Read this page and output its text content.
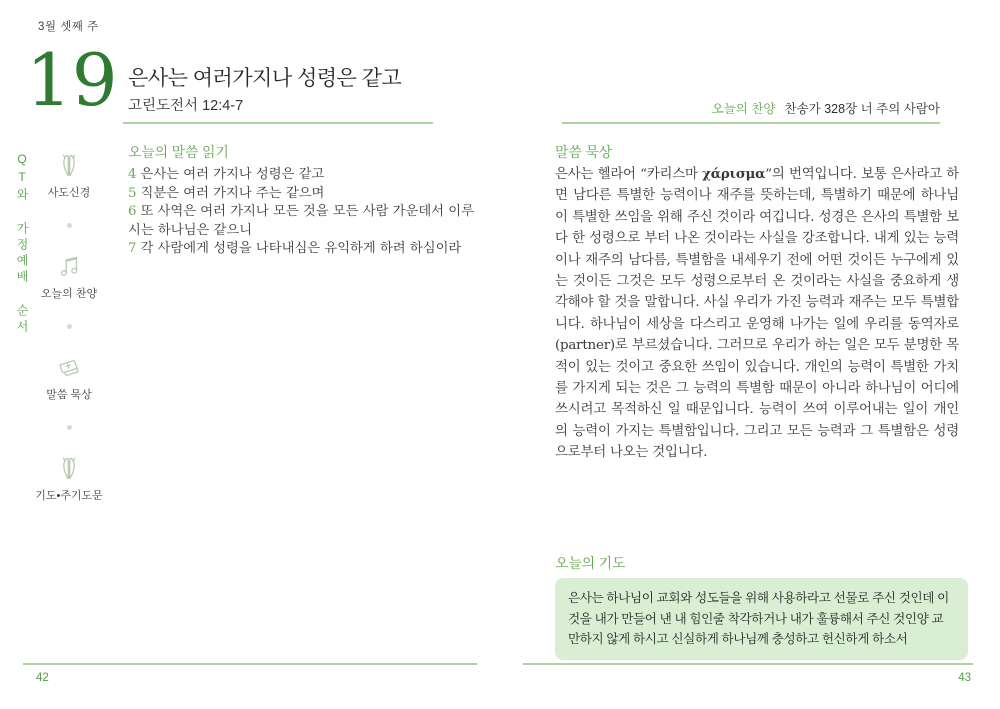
3월 셋째 주
19 은사는 여러가지나 성령은 같고
고린도전서 12:4-7	오늘의 찬양 찬송가 328장 너 주의 사람아
QT와 가정예배 순서 사도신경
오늘의 찬양
말씀 묵상
기도•주기도문
오늘의 말씀 읽기
4 은사는 여러 가지나 성령은 같고
5 직분은 여러 가지나 주는 같으며
6 또 사역은 여러 가지나 모든 것을 모든 사람 가운데서 이루시는 하나님은 같으니
7 각 사람에게 성령을 나타내심은 유익하게 하려 하심이라
말씀 묵상
은사는 헬라어 “카리스마 χάρισμα”의 번역입니다. 보통 은사라고 하면 남다른 특별한 능력이나 재주를 뜻하는데, 특별하기 때문에 하나님이 특별한 쓰임을 위해 주신 것이라 여깁니다. 성경은 은사의 특별함 보다 한 성령으로 부터 나온 것이라는 사실을 강조합니다. 내게 있는 능력이나 재주의 남다름, 특별함을 내세우기 전에 어떤 것이든 누구에게 있는 것이든 그것은 모두 성령으로부터 온 것이라는 사실을 중요하게 생각해야 할 것을 말합니다. 사실 우리가 가진 능력과 재주는 모두 특별합니다. 하나님이 세상을 다스리고 운영해 나가는 일에 우리를 동역자로(partner)로 부르셨습니다. 그러므로 우리가 하는 일은 모두 분명한 목적이 있는 것이고 중요한 쓰임이 있습니다. 개인의 능력이 특별한 가치를 가지게 되는 것은 그 능력의 특별함 때문이 아니라 하나님이 어디에 쓰시려고 목적하신 일 때문입니다. 능력이 쓰여 이루어내는 일이 개인의 능력이 가지는 특별함입니다. 그리고 모든 능력과 그 특별함은 성령으로부터 나오는 것입니다.
오늘의 기도
은사는 하나님이 교회와 성도들을 위해 사용하라고 선물로 주신 것인데 이것을 내가 만들어 낸 내 힘인줄 착각하거나 내가 훌륭해서 주신 것인양 교만하지 않게 하시고 신실하게 하나님께 충성하고 헌신하게 하소서
42	43
